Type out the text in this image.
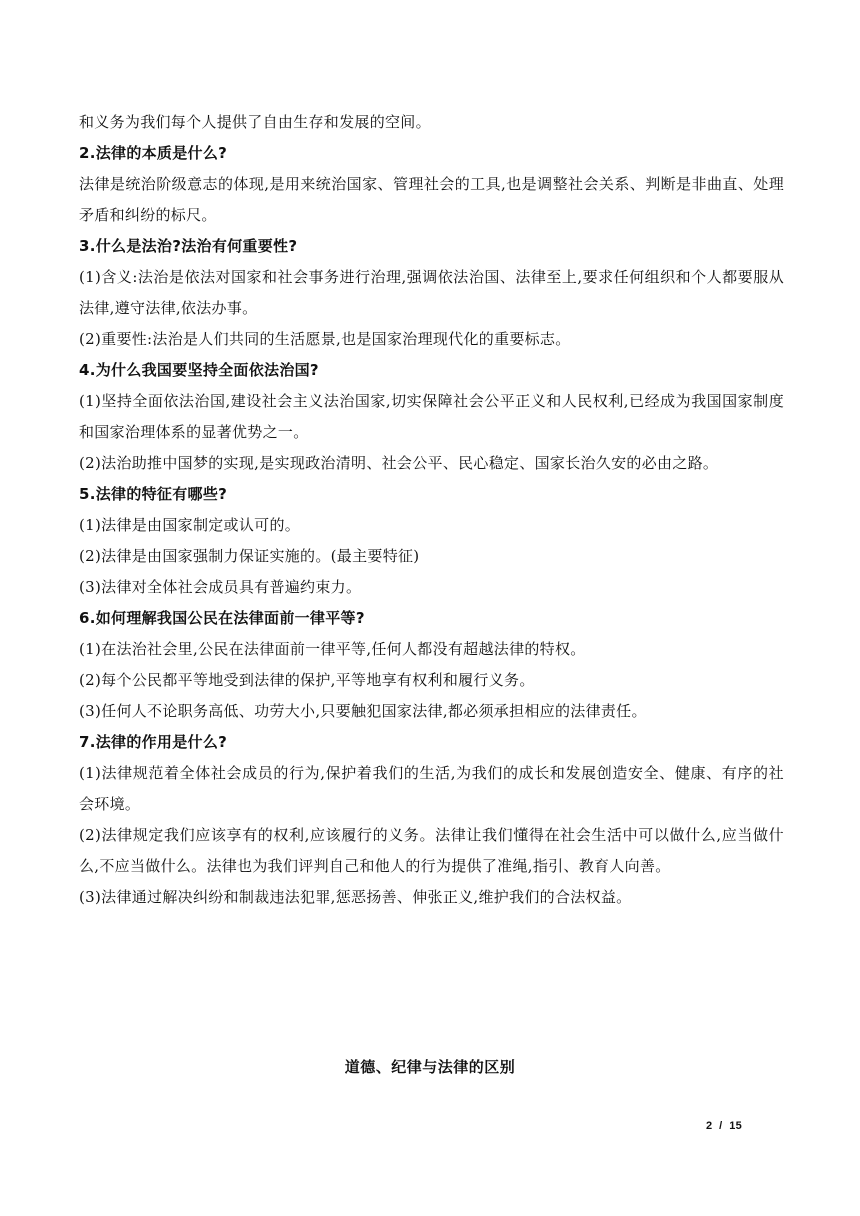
和义务为我们每个人提供了自由生存和发展的空间。

2.法律的本质是什么?

法律是统治阶级意志的体现,是用来统治国家、管理社会的工具,也是调整社会关系、判断是非曲直、处理矛盾和纠纷的标尺。

3.什么是法治?法治有何重要性?

(1)含义:法治是依法对国家和社会事务进行治理,强调依法治国、法律至上,要求任何组织和个人都要服从法律,遵守法律,依法办事。

(2)重要性:法治是人们共同的生活愿景,也是国家治理现代化的重要标志。

4.为什么我国要坚持全面依法治国?

(1)坚持全面依法治国,建设社会主义法治国家,切实保障社会公平正义和人民权利,已经成为我国国家制度和国家治理体系的显著优势之一。

(2)法治助推中国梦的实现,是实现政治清明、社会公平、民心稳定、国家长治久安的必由之路。

5.法律的特征有哪些?

(1)法律是由国家制定或认可的。

(2)法律是由国家强制力保证实施的。(最主要特征)

(3)法律对全体社会成员具有普遍约束力。

6.如何理解我国公民在法律面前一律平等?

(1)在法治社会里,公民在法律面前一律平等,任何人都没有超越法律的特权。

(2)每个公民都平等地受到法律的保护,平等地享有权利和履行义务。

(3)任何人不论职务高低、功劳大小,只要触犯国家法律,都必须承担相应的法律责任。

7.法律的作用是什么?

(1)法律规范着全体社会成员的行为,保护着我们的生活,为我们的成长和发展创造安全、健康、有序的社会环境。

(2)法律规定我们应该享有的权利,应该履行的义务。法律让我们懂得在社会生活中可以做什么,应当做什么,不应当做什么。法律也为我们评判自己和他人的行为提供了准绳,指引、教育人向善。

(3)法律通过解决纠纷和制裁违法犯罪,惩恶扬善、伸张正义,维护我们的合法权益。

道德、纪律与法律的区别
2  /  15
